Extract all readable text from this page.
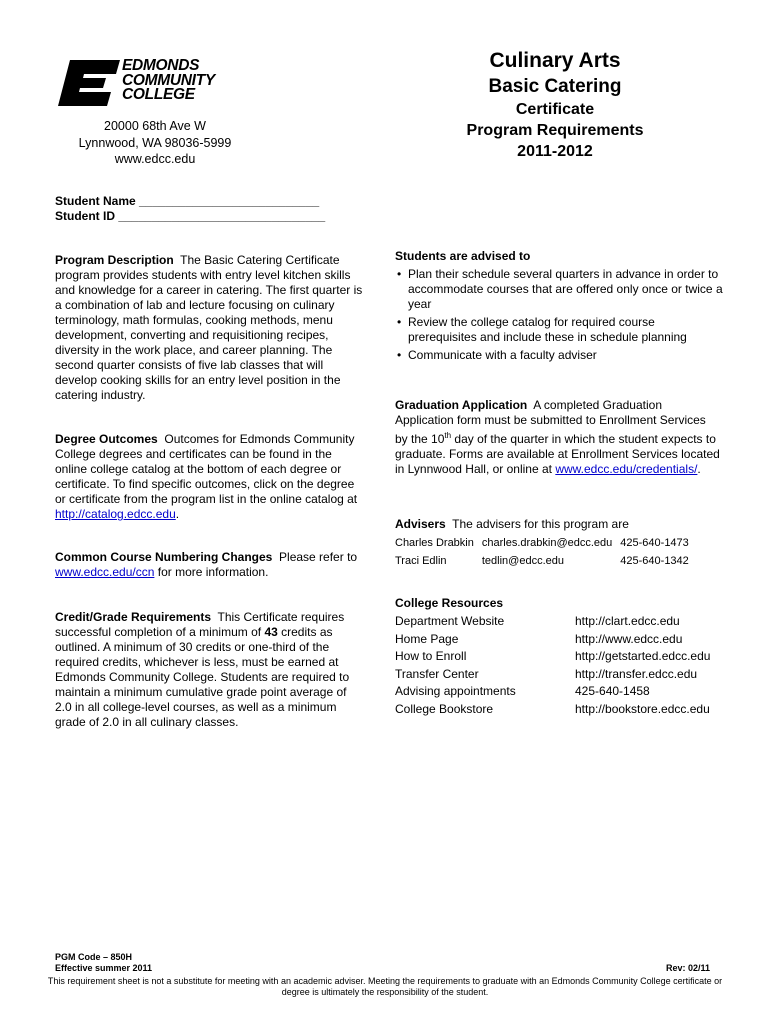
EDMONDS
COMMUNITY
COLLEGE
20000 68th Ave W
Lynnwood, WA 98036-5999
www.edcc.edu
Culinary Arts
Basic Catering
Certificate
Program Requirements
2011-2012
Student Name ___________________________
Student ID _______________________________
Program Description The Basic Catering Certificate program provides students with entry level kitchen skills and knowledge for a career in catering. The first quarter is a combination of lab and lecture focusing on culinary terminology, math formulas, cooking methods, menu development, converting and requisitioning recipes, diversity in the work place, and career planning. The second quarter consists of five lab classes that will develop cooking skills for an entry level position in the catering industry.
Degree Outcomes Outcomes for Edmonds Community College degrees and certificates can be found in the online college catalog at the bottom of each degree or certificate. To find specific outcomes, click on the degree or certificate from the program list in the online catalog at http://catalog.edcc.edu.
Common Course Numbering Changes Please refer to www.edcc.edu/ccn for more information.
Credit/Grade Requirements This Certificate requires successful completion of a minimum of 43 credits as outlined. A minimum of 30 credits or one-third of the required credits, whichever is less, must be earned at Edmonds Community College. Students are required to maintain a minimum cumulative grade point average of 2.0 in all college-level courses, as well as a minimum grade of 2.0 in all culinary classes.
Students are advised to
• Plan their schedule several quarters in advance in order to accommodate courses that are offered only once or twice a year
• Review the college catalog for required course prerequisites and include these in schedule planning
• Communicate with a faculty adviser
Graduation Application A completed Graduation Application form must be submitted to Enrollment Services by the 10th day of the quarter in which the student expects to graduate. Forms are available at Enrollment Services located in Lynnwood Hall, or online at www.edcc.edu/credentials/.
Advisers The advisers for this program are
Charles Drabkin	charles.drabkin@edcc.edu	425-640-1473
Traci Edlin	tedlin@edcc.edu	425-640-1342
College Resources
Department Website	http://clart.edcc.edu
Home Page	http://www.edcc.edu
How to Enroll	http://getstarted.edcc.edu
Transfer Center	http://transfer.edcc.edu
Advising appointments	425-640-1458
College Bookstore	http://bookstore.edcc.edu
PGM Code – 850H
Effective summer 2011	Rev: 02/11
This requirement sheet is not a substitute for meeting with an academic adviser. Meeting the requirements to graduate with an Edmonds Community College certificate or degree is ultimately the responsibility of the student.
